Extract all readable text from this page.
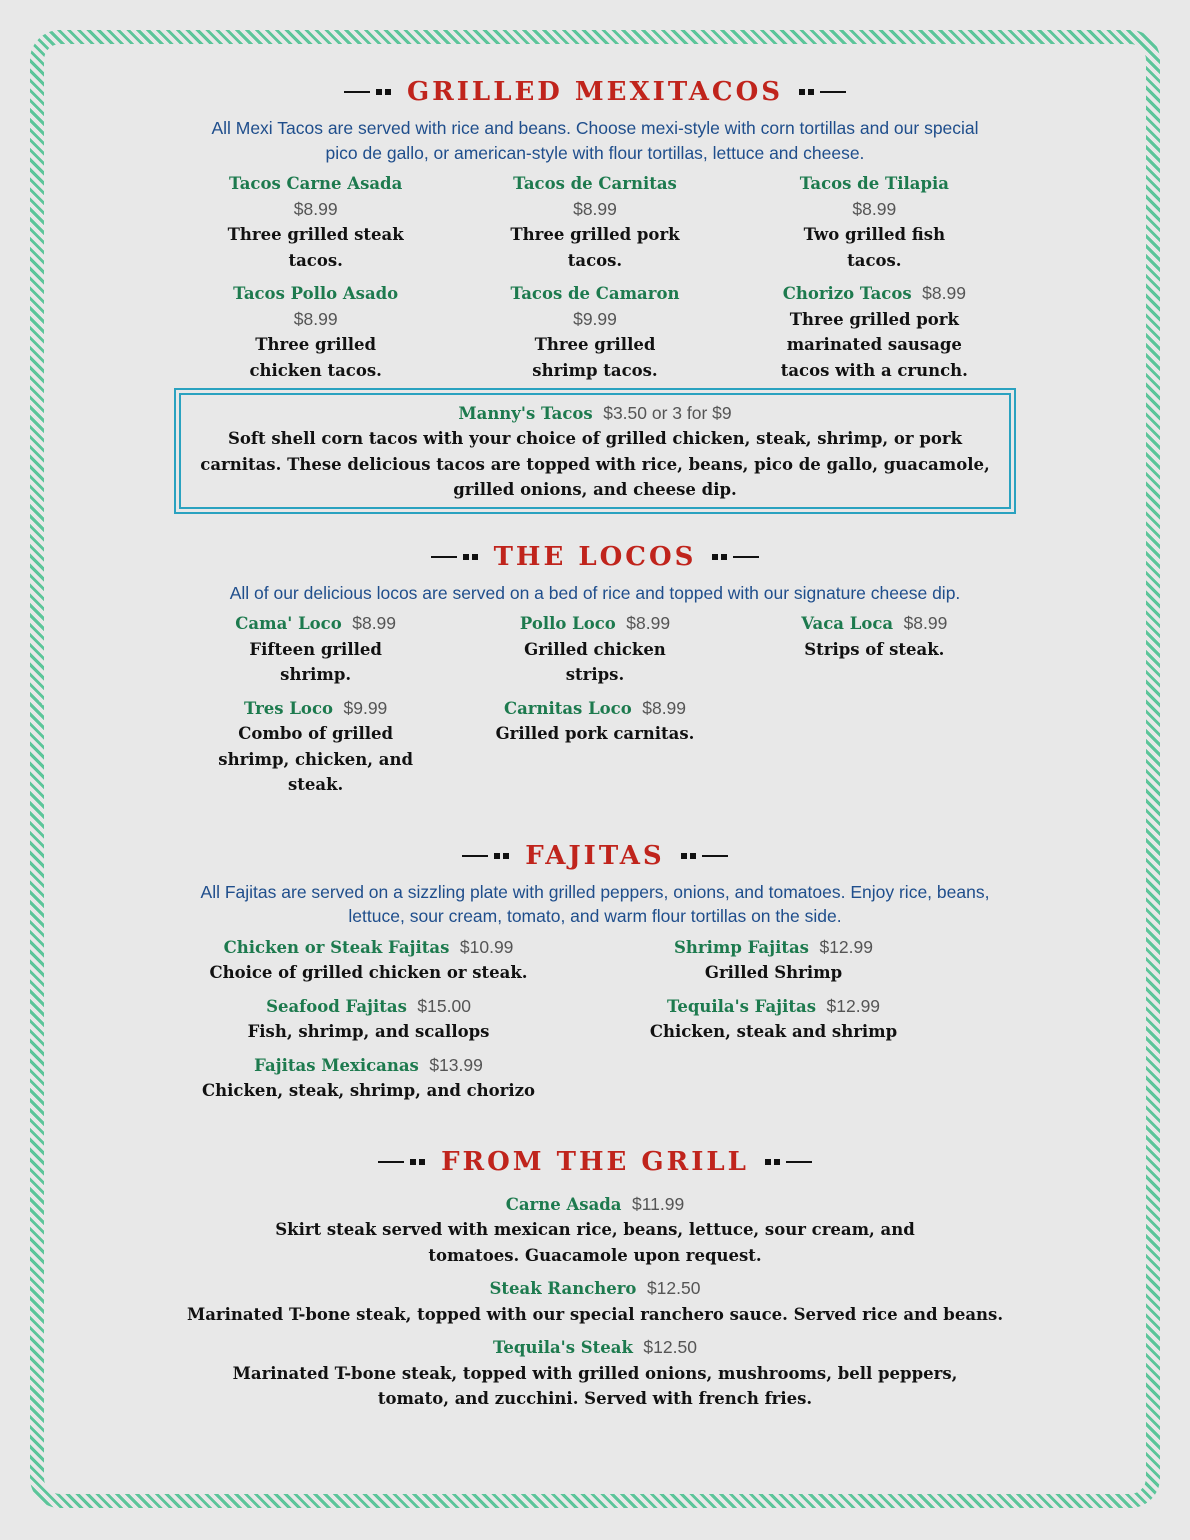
GRILLED MEXITACOS

All Mexi Tacos are served with rice and beans. Choose mexi-style with corn tortillas and our special pico de gallo, or american-style with flour tortillas, lettuce and cheese.

Tacos Carne Asada
$8.99
Three grilled steak tacos.
Tacos de Carnitas
$8.99
Three grilled pork tacos.
Tacos de Tilapia
$8.99
Two grilled fish tacos.
Tacos Pollo Asado
$8.99
Three grilled chicken tacos.
Tacos de Camaron
$9.99
Three grilled shrimp tacos.
Chorizo Tacos $8.99
Three grilled pork marinated sausage tacos with a crunch.
Manny's Tacos $3.50 or 3 for $9
Soft shell corn tacos with your choice of grilled chicken, steak, shrimp, or pork carnitas. These delicious tacos are topped with rice, beans, pico de gallo, guacamole, grilled onions, and cheese dip.
THE LOCOS

All of our delicious locos are served on a bed of rice and topped with our signature cheese dip.

Cama' Loco $8.99
Fifteen grilled shrimp.
Pollo Loco $8.99
Grilled chicken strips.
Vaca Loca $8.99
Strips of steak.
Tres Loco $9.99
Combo of grilled shrimp, chicken, and steak.
Carnitas Loco $8.99
Grilled pork carnitas.
FAJITAS

All Fajitas are served on a sizzling plate with grilled peppers, onions, and tomatoes. Enjoy rice, beans, lettuce, sour cream, tomato, and warm flour tortillas on the side.

Chicken or Steak Fajitas $10.99
Choice of grilled chicken or steak.
Seafood Fajitas $15.00
Fish, shrimp, and scallops
Fajitas Mexicanas $13.99
Chicken, steak, shrimp, and chorizo
Shrimp Fajitas $12.99
Grilled Shrimp
Tequila's Fajitas $12.99
Chicken, steak and shrimp
FROM THE GRILL
Carne Asada $11.99
Skirt steak served with mexican rice, beans, lettuce, sour cream, and tomatoes. Guacamole upon request.
Steak Ranchero $12.50
Marinated T-bone steak, topped with our special ranchero sauce. Served rice and beans.
Tequila's Steak $12.50
Marinated T-bone steak, topped with grilled onions, mushrooms, bell peppers, tomato, and zucchini. Served with french fries.
